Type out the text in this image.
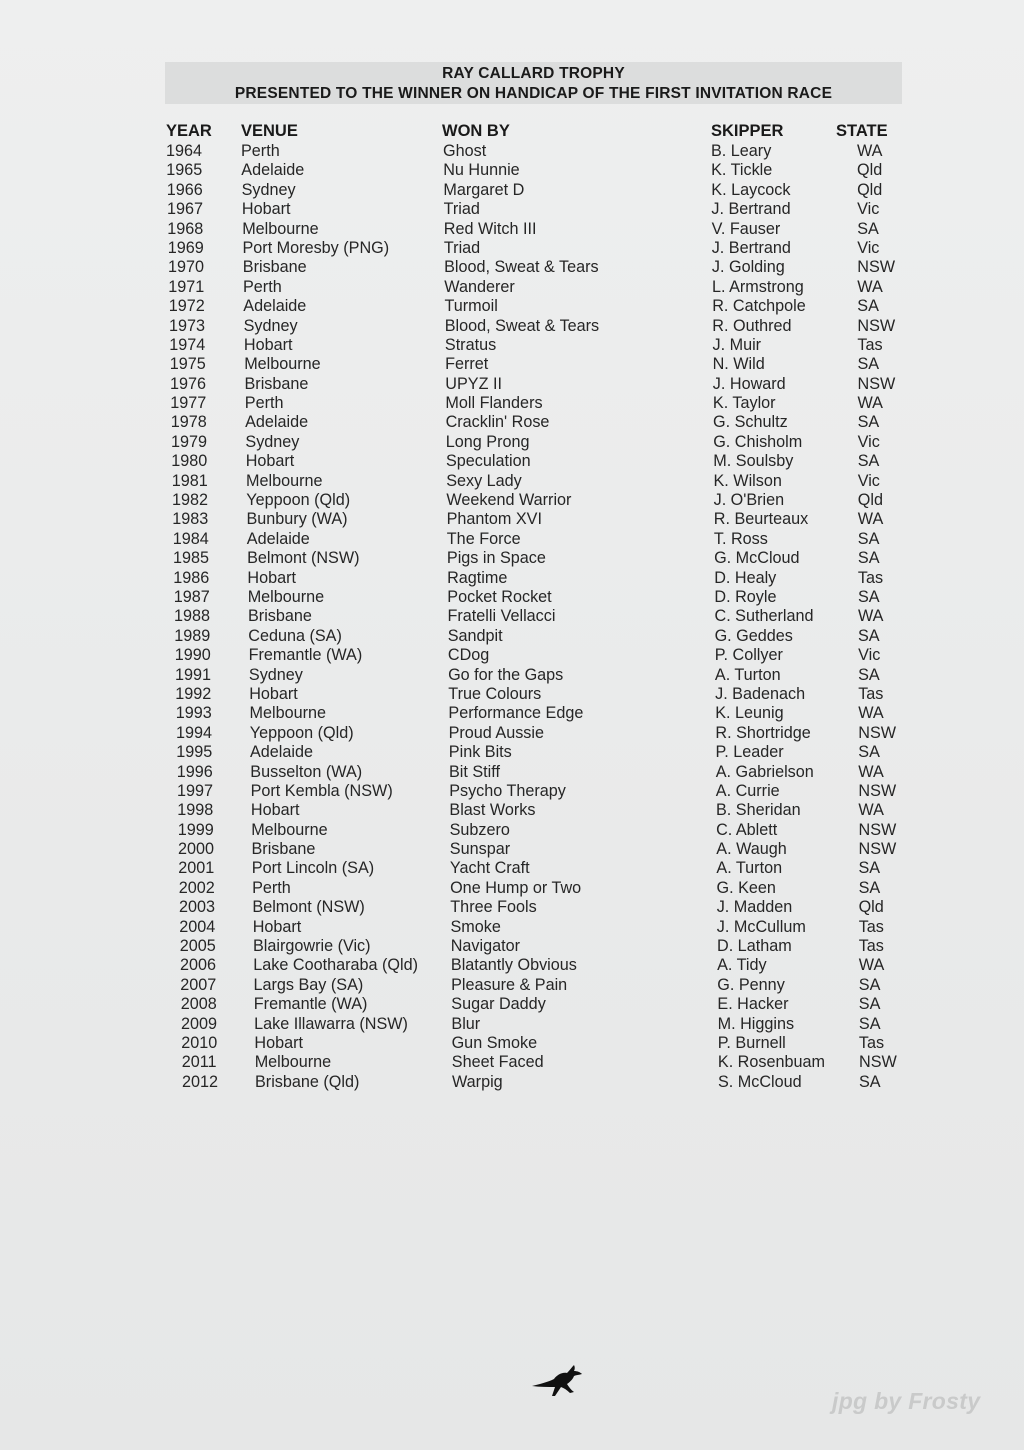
RAY CALLARD TROPHY

PRESENTED TO THE WINNER ON HANDICAP OF THE FIRST INVITATION RACE

YEAR VENUE	WON BY	SKIPPER	STATE
1964 Perth	Ghost	B. Leary	WA
1965 Adelaide	Nu Hunnie	K. Tickle	Qld
1966 Sydney	Margaret D	K. Laycock	Qld
1967 Hobart	Triad	J. Bertrand	Vic
1968 Melbourne	Red Witch III	V. Fauser	SA
1969 Port Moresby (PNG)	Triad	J. Bertrand	Vic
1970 Brisbane	Blood, Sweat & Tears	J. Golding	NSW
1971 Perth	Wanderer	L. Armstrong	WA
1972 Adelaide	Turmoil	R. Catchpole	SA
1973 Sydney	Blood, Sweat & Tears	R. Outhred	NSW
1974 Hobart	Stratus	J. Muir	Tas
1975 Melbourne	Ferret	N. Wild	SA
1976 Brisbane	UPYZ II	J. Howard	NSW
1977 Perth	Moll Flanders	K. Taylor	WA
1978 Adelaide	Cracklin' Rose	G. Schultz	SA
1979 Sydney	Long Prong	G. Chisholm	Vic
1980 Hobart	Speculation	M. Soulsby	SA
1981 Melbourne	Sexy Lady	K. Wilson	Vic
1982 Yeppoon (Qld)	Weekend Warrior	J. O'Brien	Qld
1983 Bunbury (WA)	Phantom XVI	R. Beurteaux	WA
1984 Adelaide	The Force	T. Ross	SA
1985 Belmont (NSW)	Pigs in Space	G. McCloud	SA
1986 Hobart	Ragtime	D. Healy	Tas
1987 Melbourne	Pocket Rocket	D. Royle	SA
1988 Brisbane	Fratelli Vellacci	C. Sutherland	WA
1989 Ceduna (SA)	Sandpit	G. Geddes	SA
1990 Fremantle (WA)	CDog	P. Collyer	Vic
1991 Sydney	Go for the Gaps	A. Turton	SA
1992 Hobart	True Colours	J. Badenach	Tas
1993 Melbourne	Performance Edge	K. Leunig	WA
1994 Yeppoon (Qld)	Proud Aussie	R. Shortridge	NSW
1995 Adelaide	Pink Bits	P. Leader	SA
1996 Busselton (WA)	Bit Stiff	A. Gabrielson	WA
1997 Port Kembla (NSW)	Psycho Therapy	A. Currie	NSW
1998 Hobart	Blast Works	B. Sheridan	WA
1999 Melbourne	Subzero	C. Ablett	NSW
2000 Brisbane	Sunspar	A. Waugh	NSW
2001 Port Lincoln (SA)	Yacht Craft	A. Turton	SA
2002 Perth	One Hump or Two	G. Keen	SA
2003 Belmont (NSW)	Three Fools	J. Madden	Qld
2004 Hobart	Smoke	J. McCullum	Tas
2005 Blairgowrie (Vic)	Navigator	D. Latham	Tas
2006 Lake Cootharaba (Qld) Blatantly Obvious	A. Tidy	WA
2007 Largs Bay (SA)	Pleasure & Pain	G. Penny	SA
2008 Fremantle (WA)	Sugar Daddy	E. Hacker	SA
2009 Lake Illawarra (NSW)	Blur	M. Higgins	SA
2010 Hobart	Gun Smoke	P. Burnell	Tas
2011 Melbourne	Sheet Faced	K. Rosenbuam NSW
2012 Brisbane (Qld)	Warpig	S. McCloud	SA
jpg by Frosty
